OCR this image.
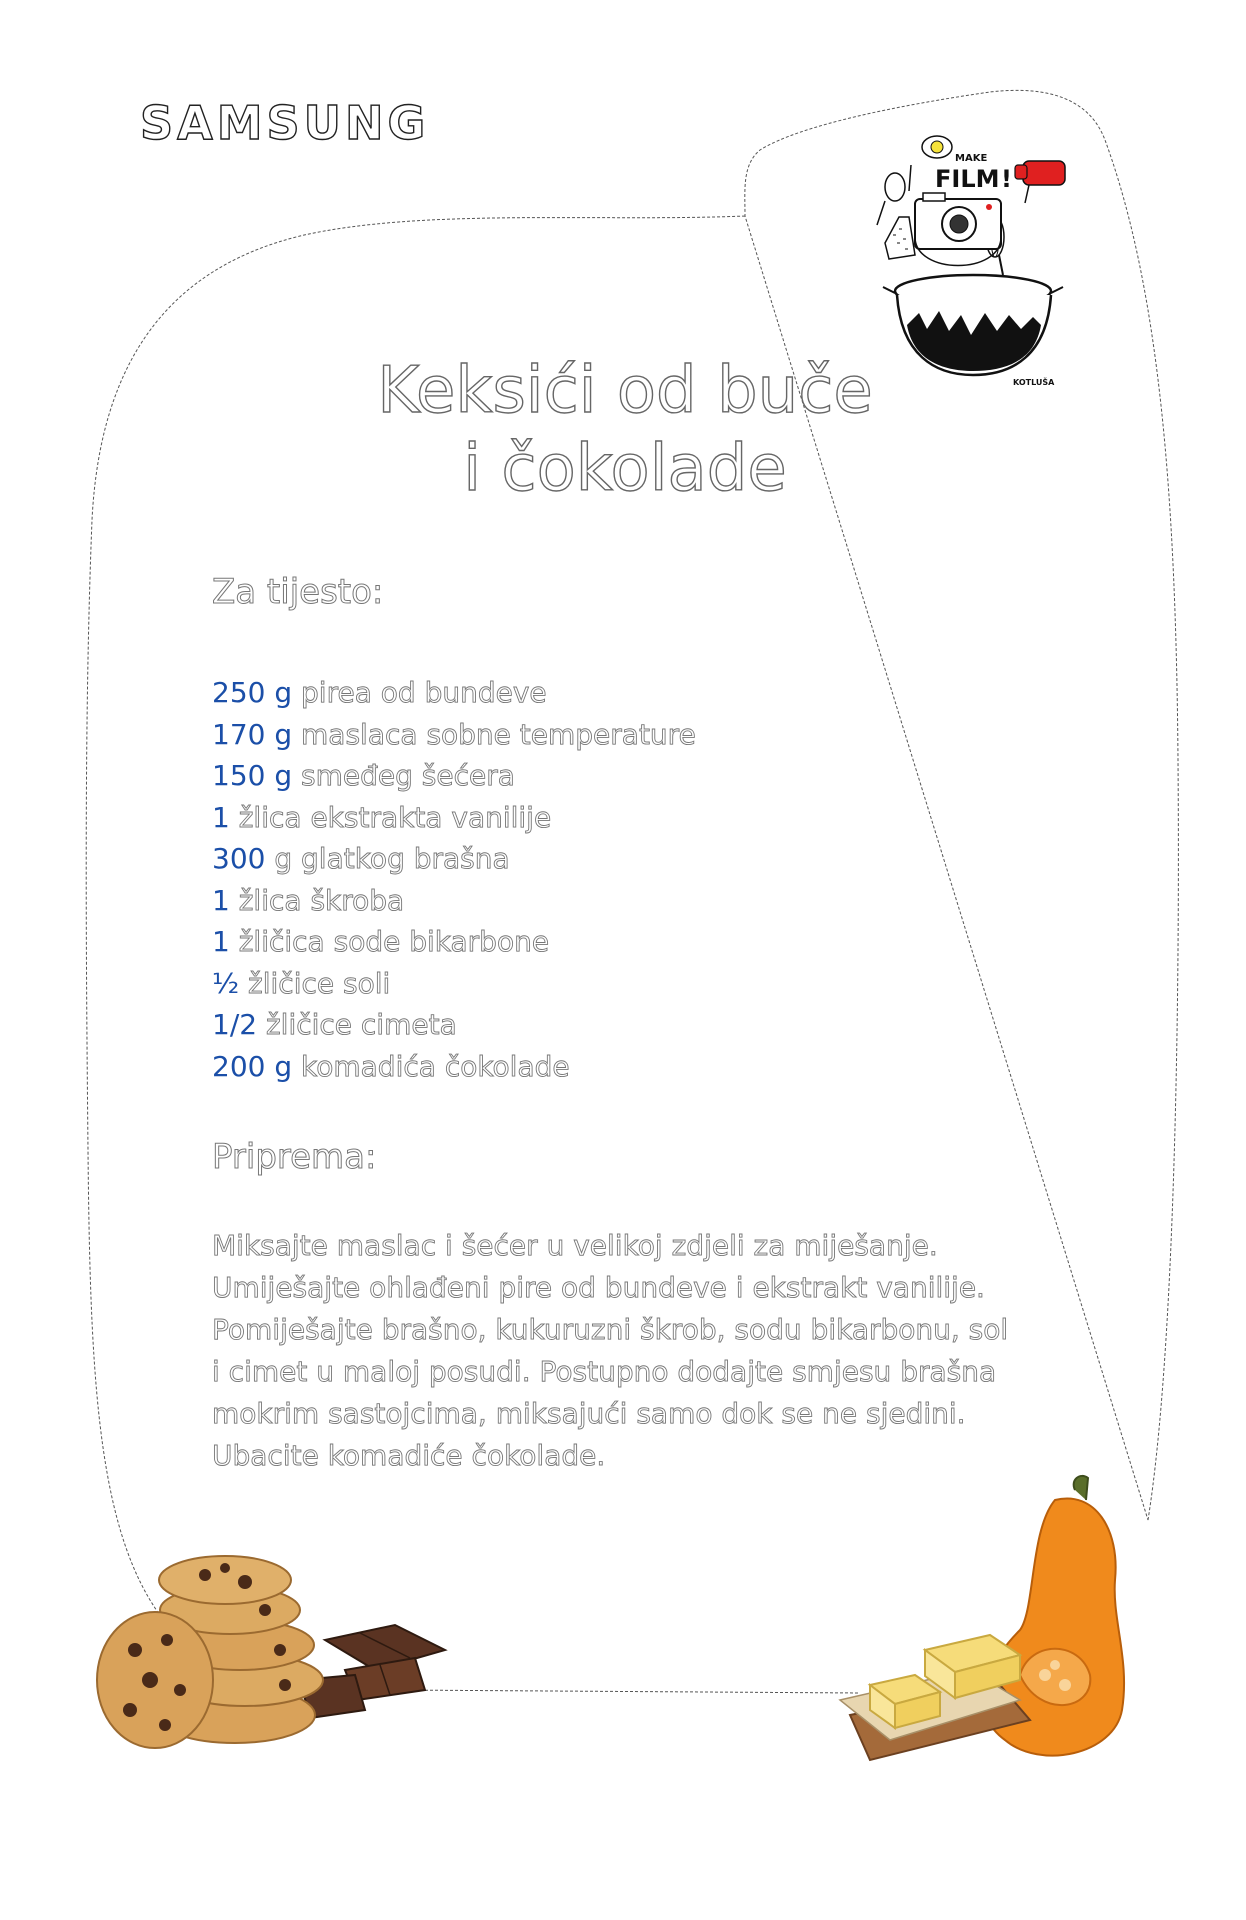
SAMSUNG
MAKE
FILM !
KOTLUŠA
Keksići od buče
i čokolade
Za tijesto:
250 g pirea od bundeve
170 g maslaca sobne temperature
150 g smeđeg šećera
1 žlica ekstrakta vanilije
300 g glatkog brašna
1 žlica škroba
1 žličica sode bikarbone
½ žličice soli
1/2 žličice cimeta
200 g komadića čokolade
Priprema:
Miksajte maslac i šećer u velikoj zdjeli za miješanje.
Umiješajte ohlađeni pire od bundeve i ekstrakt vanilije.
Pomiješajte brašno, kukuruzni škrob, sodu bikarbonu, sol
i cimet u maloj posudi. Postupno dodajte smjesu brašna
mokrim sastojcima, miksajući samo dok se ne sjedini.
Ubacite komadiće čokolade.
